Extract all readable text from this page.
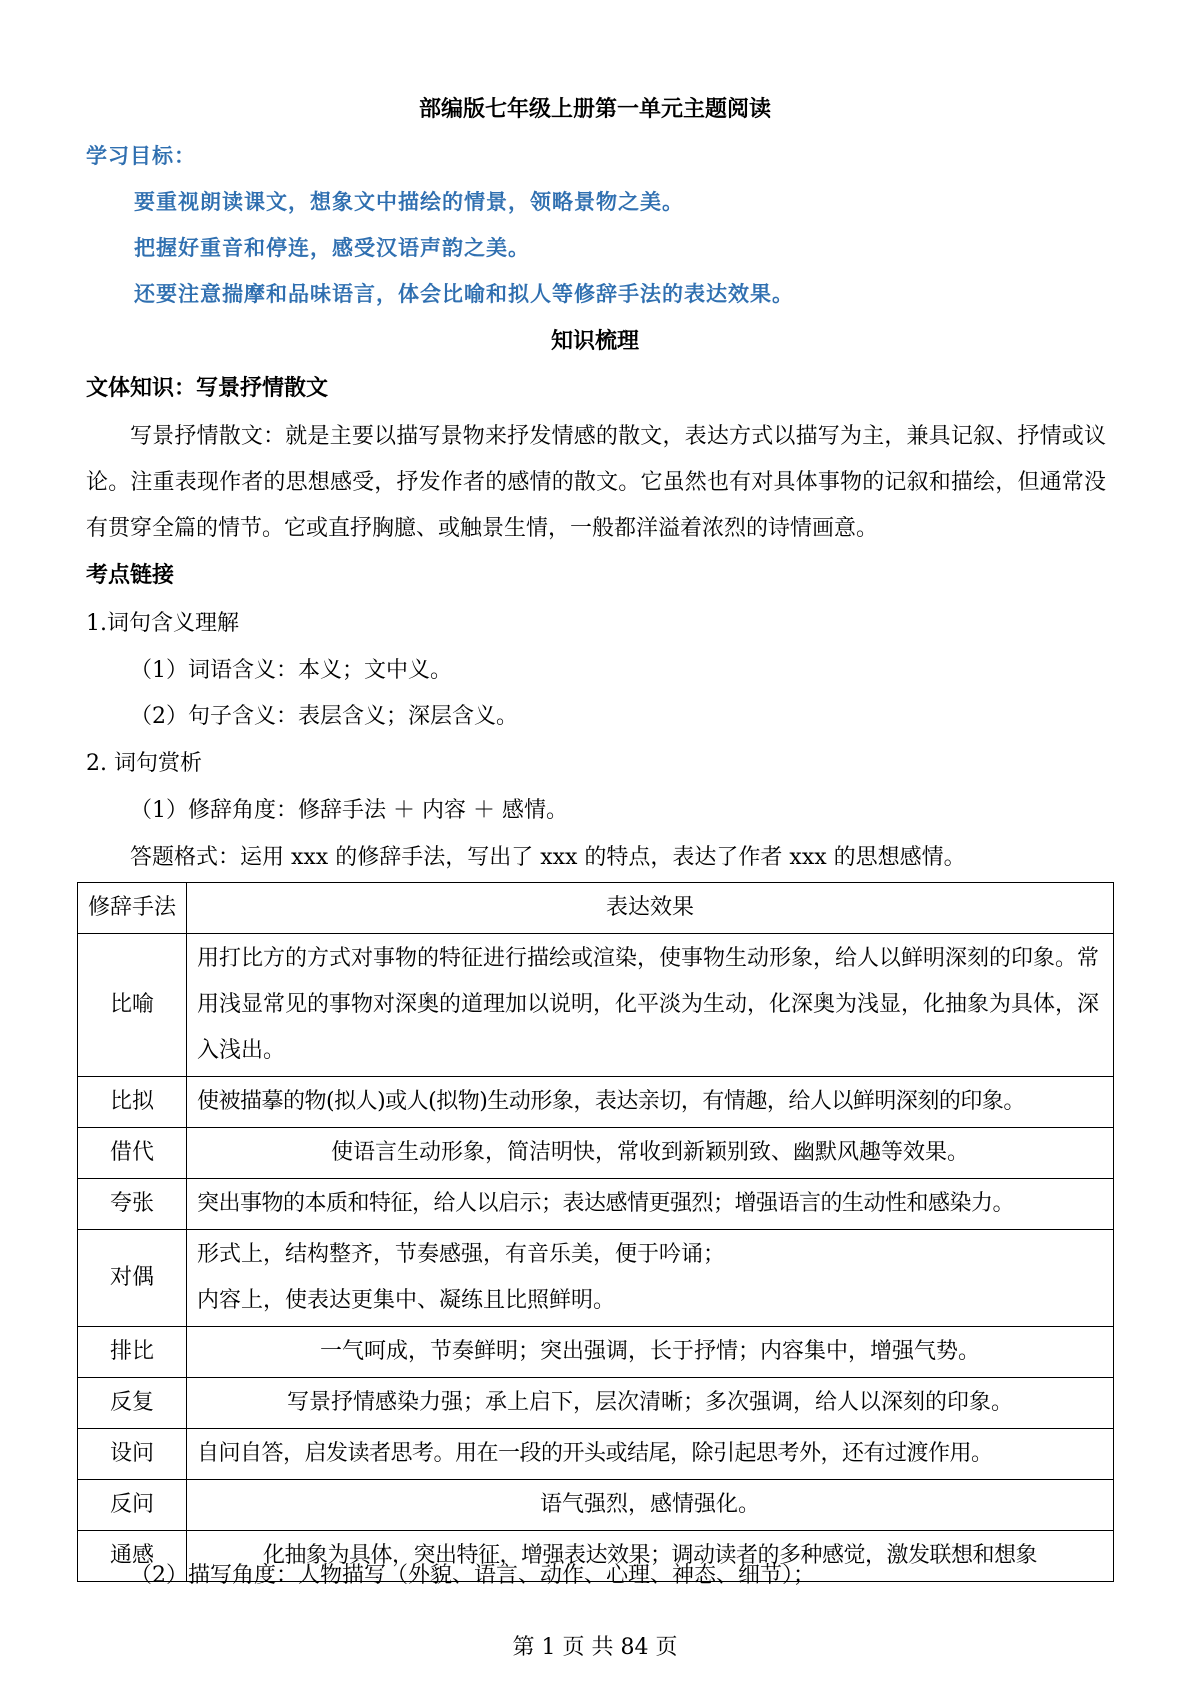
部编版七年级上册第一单元主题阅读
学习目标：
要重视朗读课文，想象文中描绘的情景，领略景物之美。
把握好重音和停连，感受汉语声韵之美。
还要注意揣摩和品味语言，体会比喻和拟人等修辞手法的表达效果。
知识梳理
文体知识：写景抒情散文
写景抒情散文：就是主要以描写景物来抒发情感的散文，表达方式以描写为主，兼具记叙、抒情或议论。注重表现作者的思想感受，抒发作者的感情的散文。它虽然也有对具体事物的记叙和描绘，但通常没有贯穿全篇的情节。它或直抒胸臆、或触景生情，一般都洋溢着浓烈的诗情画意。
考点链接
1.词句含义理解
（1）词语含义：本义；文中义。
（2）句子含义：表层含义；深层含义。
2. 词句赏析
（1）修辞角度：修辞手法 ＋ 内容 ＋ 感情。
答题格式：运用 xxx 的修辞手法，写出了 xxx 的特点，表达了作者 xxx 的思想感情。
修辞手法	表达效果
比喻	用打比方的方式对事物的特征进行描绘或渲染，使事物生动形象，给人以鲜明深刻的印象。常用浅显常见的事物对深奥的道理加以说明，化平淡为生动，化深奥为浅显，化抽象为具体，深入浅出。
比拟	使被描摹的物(拟人)或人(拟物)生动形象，表达亲切，有情趣，给人以鲜明深刻的印象。
借代	使语言生动形象，简洁明快，常收到新颖别致、幽默风趣等效果。
夸张	突出事物的本质和特征，给人以启示；表达感情更强烈；增强语言的生动性和感染力。
对偶	形式上，结构整齐，节奏感强，有音乐美，便于吟诵；
内容上，使表达更集中、凝练且比照鲜明。

排比	一气呵成，节奏鲜明；突出强调，长于抒情；内容集中，增强气势。
反复	写景抒情感染力强；承上启下，层次清晰；多次强调，给人以深刻的印象。
设问	自问自答，启发读者思考。用在一段的开头或结尾，除引起思考外，还有过渡作用。
反问	语气强烈，感情强化。
通感	化抽象为具体，突出特征，增强表达效果；调动读者的多种感觉，激发联想和想象
（2）描写角度：人物描写（外貌、语言、动作、心理、神态、细节）；
第 1 页 共 84 页
